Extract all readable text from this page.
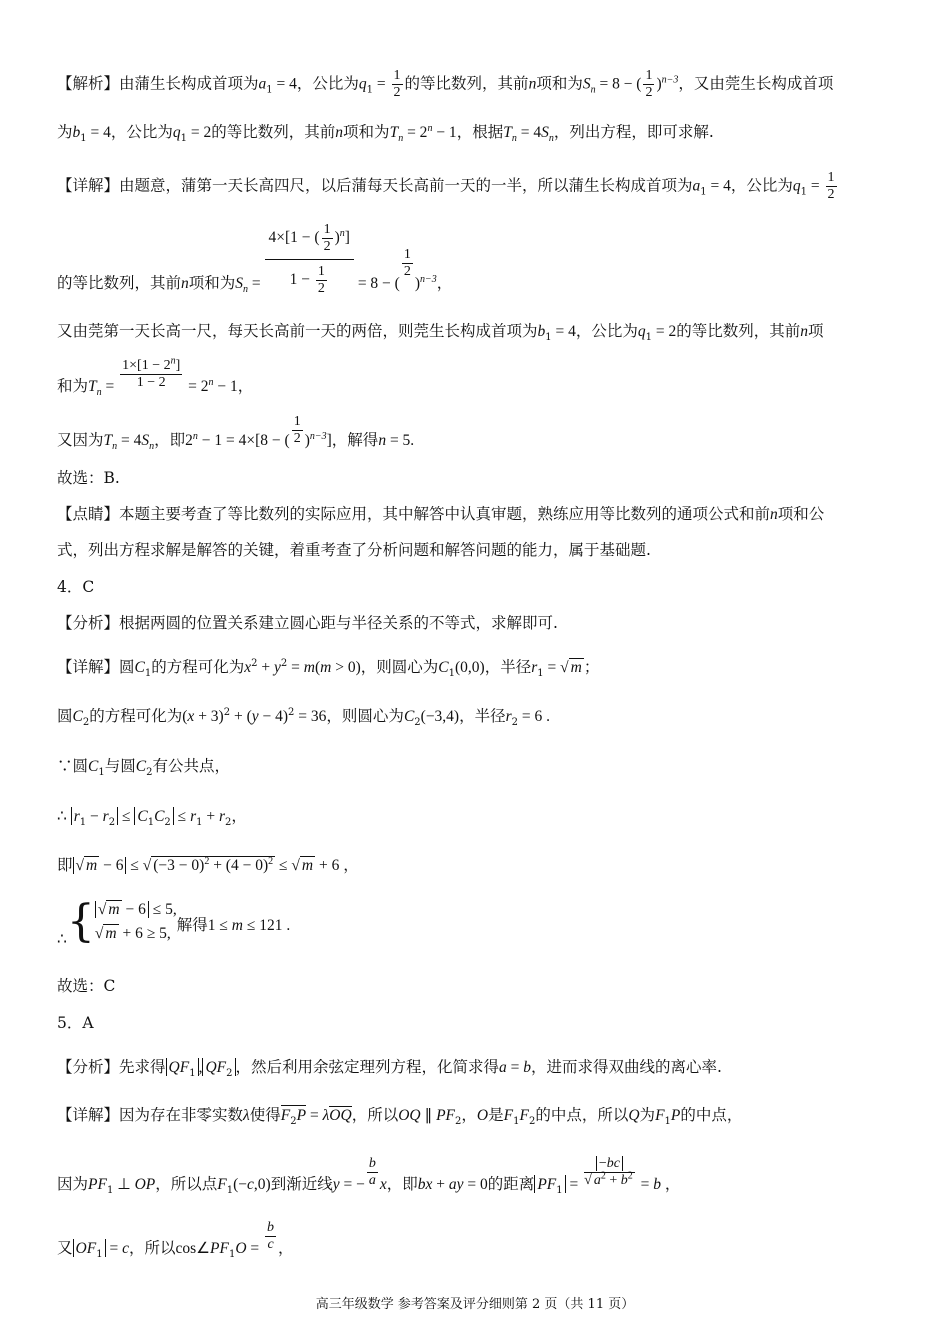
【解析】由蒲生长构成首项为$a_1 = 4$，公比为$q_1 = \frac{1}{2}$ 的等比数列，其前n项和为$S_n = 8$ − ( $\frac{1}{2} )^{n-3}$，又由莞生长构成首项
为$b_1 = 4$，公比为$q_1 = 2$的等比数列，其前n项和为$T_n = 2^n - 1$，根据$T_n = 4S_n$，列出方程，即可求解.
【详解】由题意，蒲第一天长高四尺，以后蒲每天长高前一天的一半，所以蒲生长构成首项为$a_1 = 4$，公比为$q_1 = \frac{1}{2}$
的等比数列，其前n项和为$S_n = \frac{4\times[1 - ( \frac{1}{2} )^n]}{1 - \frac{1}{2}} = 8$ − (
$\frac{1}{2}$
)$^{n-3}$，
又由莞第一天长高一尺，每天长高前一天的两倍，则莞生长构成首项为$b_1 = 4$，公比为$q_1 = 2$的等比数列，其前n项
和为$T_n = \frac{1\times[1 - 2^n]}{1 - 2} = 2^n - 1$，
又因为$T_n = 4S_n$，即$2^n - 1 = 4\times[8$ − ( $\frac{1}{2} )^{n-3}$]，解得n = 5.
故选：B.
【点睛】本题主要考查了等比数列的实际应用，其中解答中认真审题，熟练应用等比数列的通项公式和前n项和公
式，列出方程求解是解答的关键，着重考查了分析问题和解答问题的能力，属于基础题.
4．C
【分析】根据两圆的位置关系建立圆心距与半径关系的不等式，求解即可.
【详解】圆$C_1$的方程可化为$x^2 + y^2 = m(m > 0)$，则圆心为$C_1(0,0)$，半径$r_1$ = √ m ；
圆$C_2$的方程可化为$(x + 3)^2 + (y - 4)^2 = 36$，则圆心为$C_2(-3,4)$，半径$r_2 = 6$ .
∵圆$C_1$与圆$C_2$有公共点，
∴ $r_1 - r_2 \le C_1C_2 \le r_1 + r_2$，
即 √ m − 6 ≤ √ $(-3 - 0)^2 + (4 - 0)^2$ ≤ √ m + 6 ，
∴{ √ m − 6 ≤ 5,
√ m + 6 ≥ 5, 解得1 ≤ m ≤ 121 .
故选：C
5．A
【分析】先求得 $QF_1$ , $QF_2$ ，然后利用余弦定理列方程，化简求得a = b，进而求得双曲线的离心率.
【详解】因为存在非零实数λ使得$F_2P = \lambda OQ$，所以OQ ∥ $PF_2$，O是$F_1F_2$的中点，所以Q为$F_1P$的中点，
因为$PF_1$ ⊥ OP，所以点$F_1(-c,0)$到渐近线y = − $\frac{b}{a}$ x，即bx + ay = 0的距离 $PF_1 = \frac{-bc}{√ a^2 + b^2} = b$ ，
又 $OF_1 = c$，所以$\cos\angle PF_1O = \frac{b}{c}$ ，
高三年级数学 参考答案及评分细则第 2 页（共 11 页）
